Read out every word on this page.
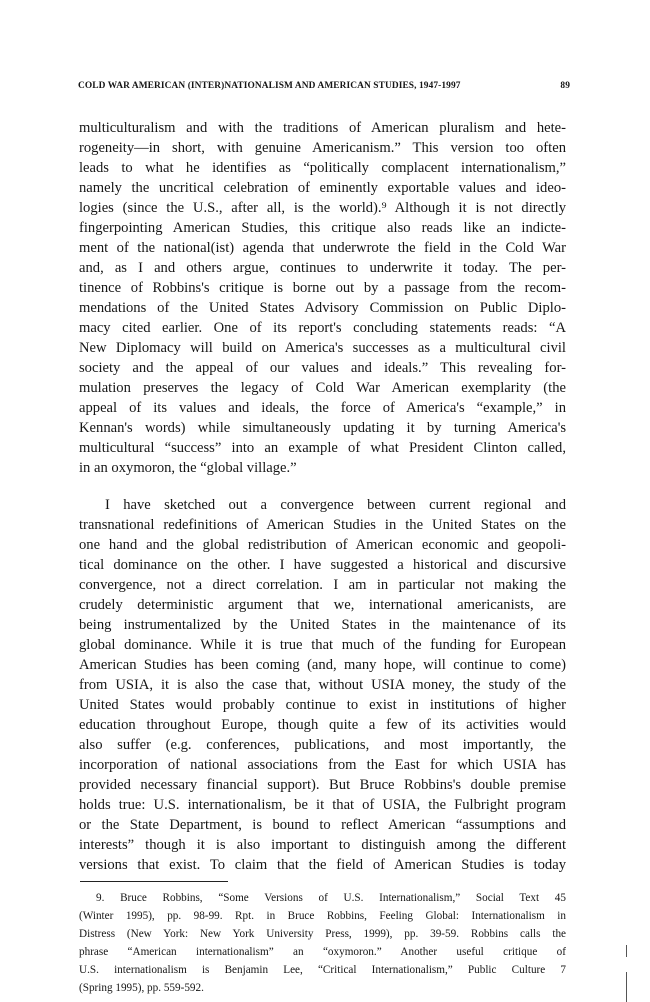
COLD WAR AMERICAN (INTER)NATIONALISM AND AMERICAN STUDIES, 1947-1997	89
multiculturalism and with the traditions of American pluralism and hete-
rogeneity—in short, with genuine Americanism.” This version too often
leads to what he identifies as “politically complacent internationalism,”
namely the uncritical celebration of eminently exportable values and ideo-
logies (since the U.S., after all, is the world).⁹ Although it is not directly
fingerpointing American Studies, this critique also reads like an indicte-
ment of the national(ist) agenda that underwrote the field in the Cold War
and, as I and others argue, continues to underwrite it today. The per-
tinence of Robbins's critique is borne out by a passage from the recom-
mendations of the United States Advisory Commission on Public Diplo-
macy cited earlier. One of its report's concluding statements reads: “A
New Diplomacy will build on America's successes as a multicultural civil
society and the appeal of our values and ideals.” This revealing for-
mulation preserves the legacy of Cold War American exemplarity (the
appeal of its values and ideals, the force of America's “example,” in
Kennan's words) while simultaneously updating it by turning America's
multicultural “success” into an example of what President Clinton called,
in an oxymoron, the “global village.”
I have sketched out a convergence between current regional and
transnational redefinitions of American Studies in the United States on the
one hand and the global redistribution of American economic and geopoli-
tical dominance on the other. I have suggested a historical and discursive
convergence, not a direct correlation. I am in particular not making the
crudely deterministic argument that we, international americanists, are
being instrumentalized by the United States in the maintenance of its
global dominance. While it is true that much of the funding for European
American Studies has been coming (and, many hope, will continue to come)
from USIA, it is also the case that, without USIA money, the study of the
United States would probably continue to exist in institutions of higher
education throughout Europe, though quite a few of its activities would
also suffer (e.g. conferences, publications, and most importantly, the
incorporation of national associations from the East for which USIA has
provided necessary financial support). But Bruce Robbins's double premise
holds true: U.S. internationalism, be it that of USIA, the Fulbright program
or the State Department, is bound to reflect American “assumptions and
interests” though it is also important to distinguish among the different
versions that exist. To claim that the field of American Studies is today
9. Bruce Robbins, “Some Versions of U.S. Internationalism,” Social Text 45
(Winter 1995), pp. 98-99. Rpt. in Bruce Robbins, Feeling Global: Internationalism in
Distress (New York: New York University Press, 1999), pp. 39-59. Robbins calls the
phrase “American internationalism” an “oxymoron.” Another useful critique of
U.S. internationalism is Benjamin Lee, “Critical Internationalism,” Public Culture 7
(Spring 1995), pp. 559-592.
